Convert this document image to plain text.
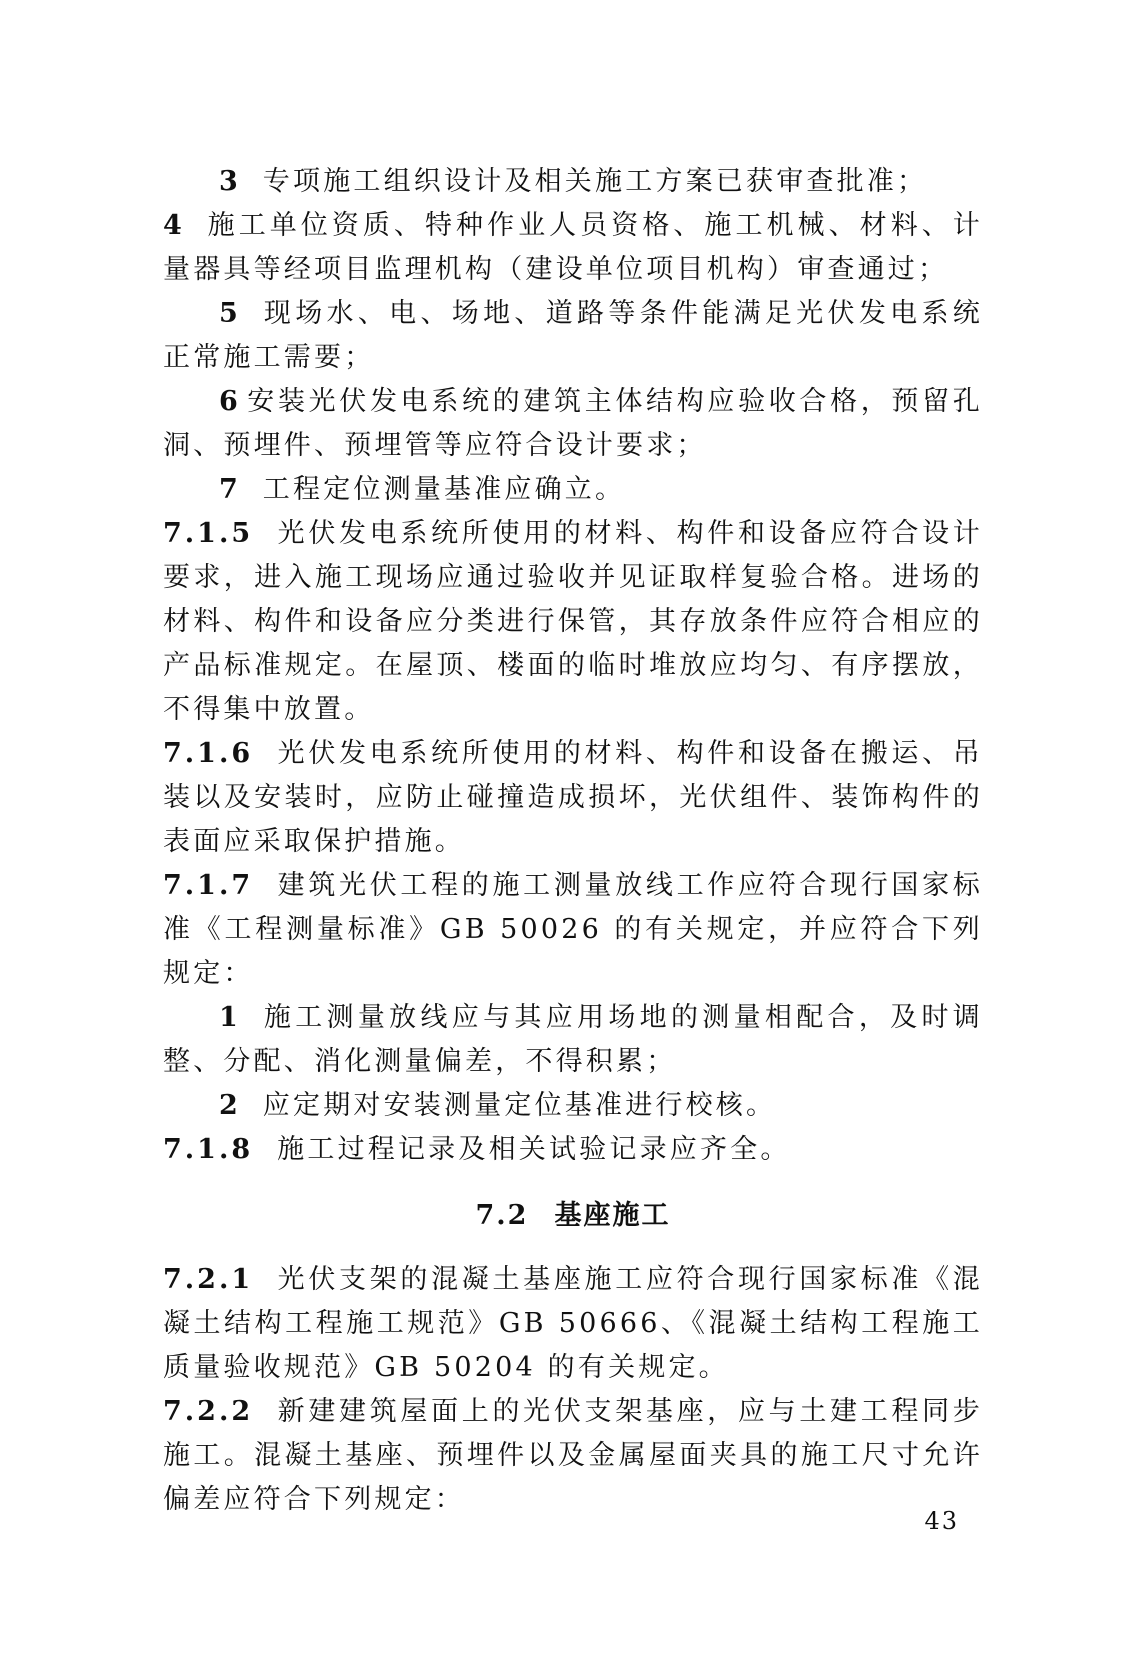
3 专项施工组织设计及相关施工方案已获审查批准；
4 施工单位资质、特种作业人员资格、施工机械、材料、计量器具等经项目监理机构（建设单位项目机构）审查通过；
5 现场水、电、场地、道路等条件能满足光伏发电系统正常施工需要；
6 安装光伏发电系统的建筑主体结构应验收合格，预留孔洞、预埋件、预埋管等应符合设计要求；
7 工程定位测量基准应确立。
7.1.5 光伏发电系统所使用的材料、构件和设备应符合设计要求，进入施工现场应通过验收并见证取样复验合格。进场的材料、构件和设备应分类进行保管，其存放条件应符合相应的产品标准规定。在屋顶、楼面的临时堆放应均匀、有序摆放，不得集中放置。
7.1.6 光伏发电系统所使用的材料、构件和设备在搬运、吊装以及安装时，应防止碰撞造成损坏，光伏组件、装饰构件的表面应采取保护措施。
7.1.7 建筑光伏工程的施工测量放线工作应符合现行国家标准《工程测量标准》GB 50026 的有关规定，并应符合下列规定：
1 施工测量放线应与其应用场地的测量相配合，及时调整、分配、消化测量偏差，不得积累；
2 应定期对安装测量定位基准进行校核。
7.1.8 施工过程记录及相关试验记录应齐全。
7.2 基座施工
7.2.1 光伏支架的混凝土基座施工应符合现行国家标准《混凝土结构工程施工规范》GB 50666、《混凝土结构工程施工质量验收规范》GB 50204 的有关规定。
7.2.2 新建建筑屋面上的光伏支架基座，应与土建工程同步施工。混凝土基座、预埋件以及金属屋面夹具的施工尺寸允许偏差应符合下列规定：
43
